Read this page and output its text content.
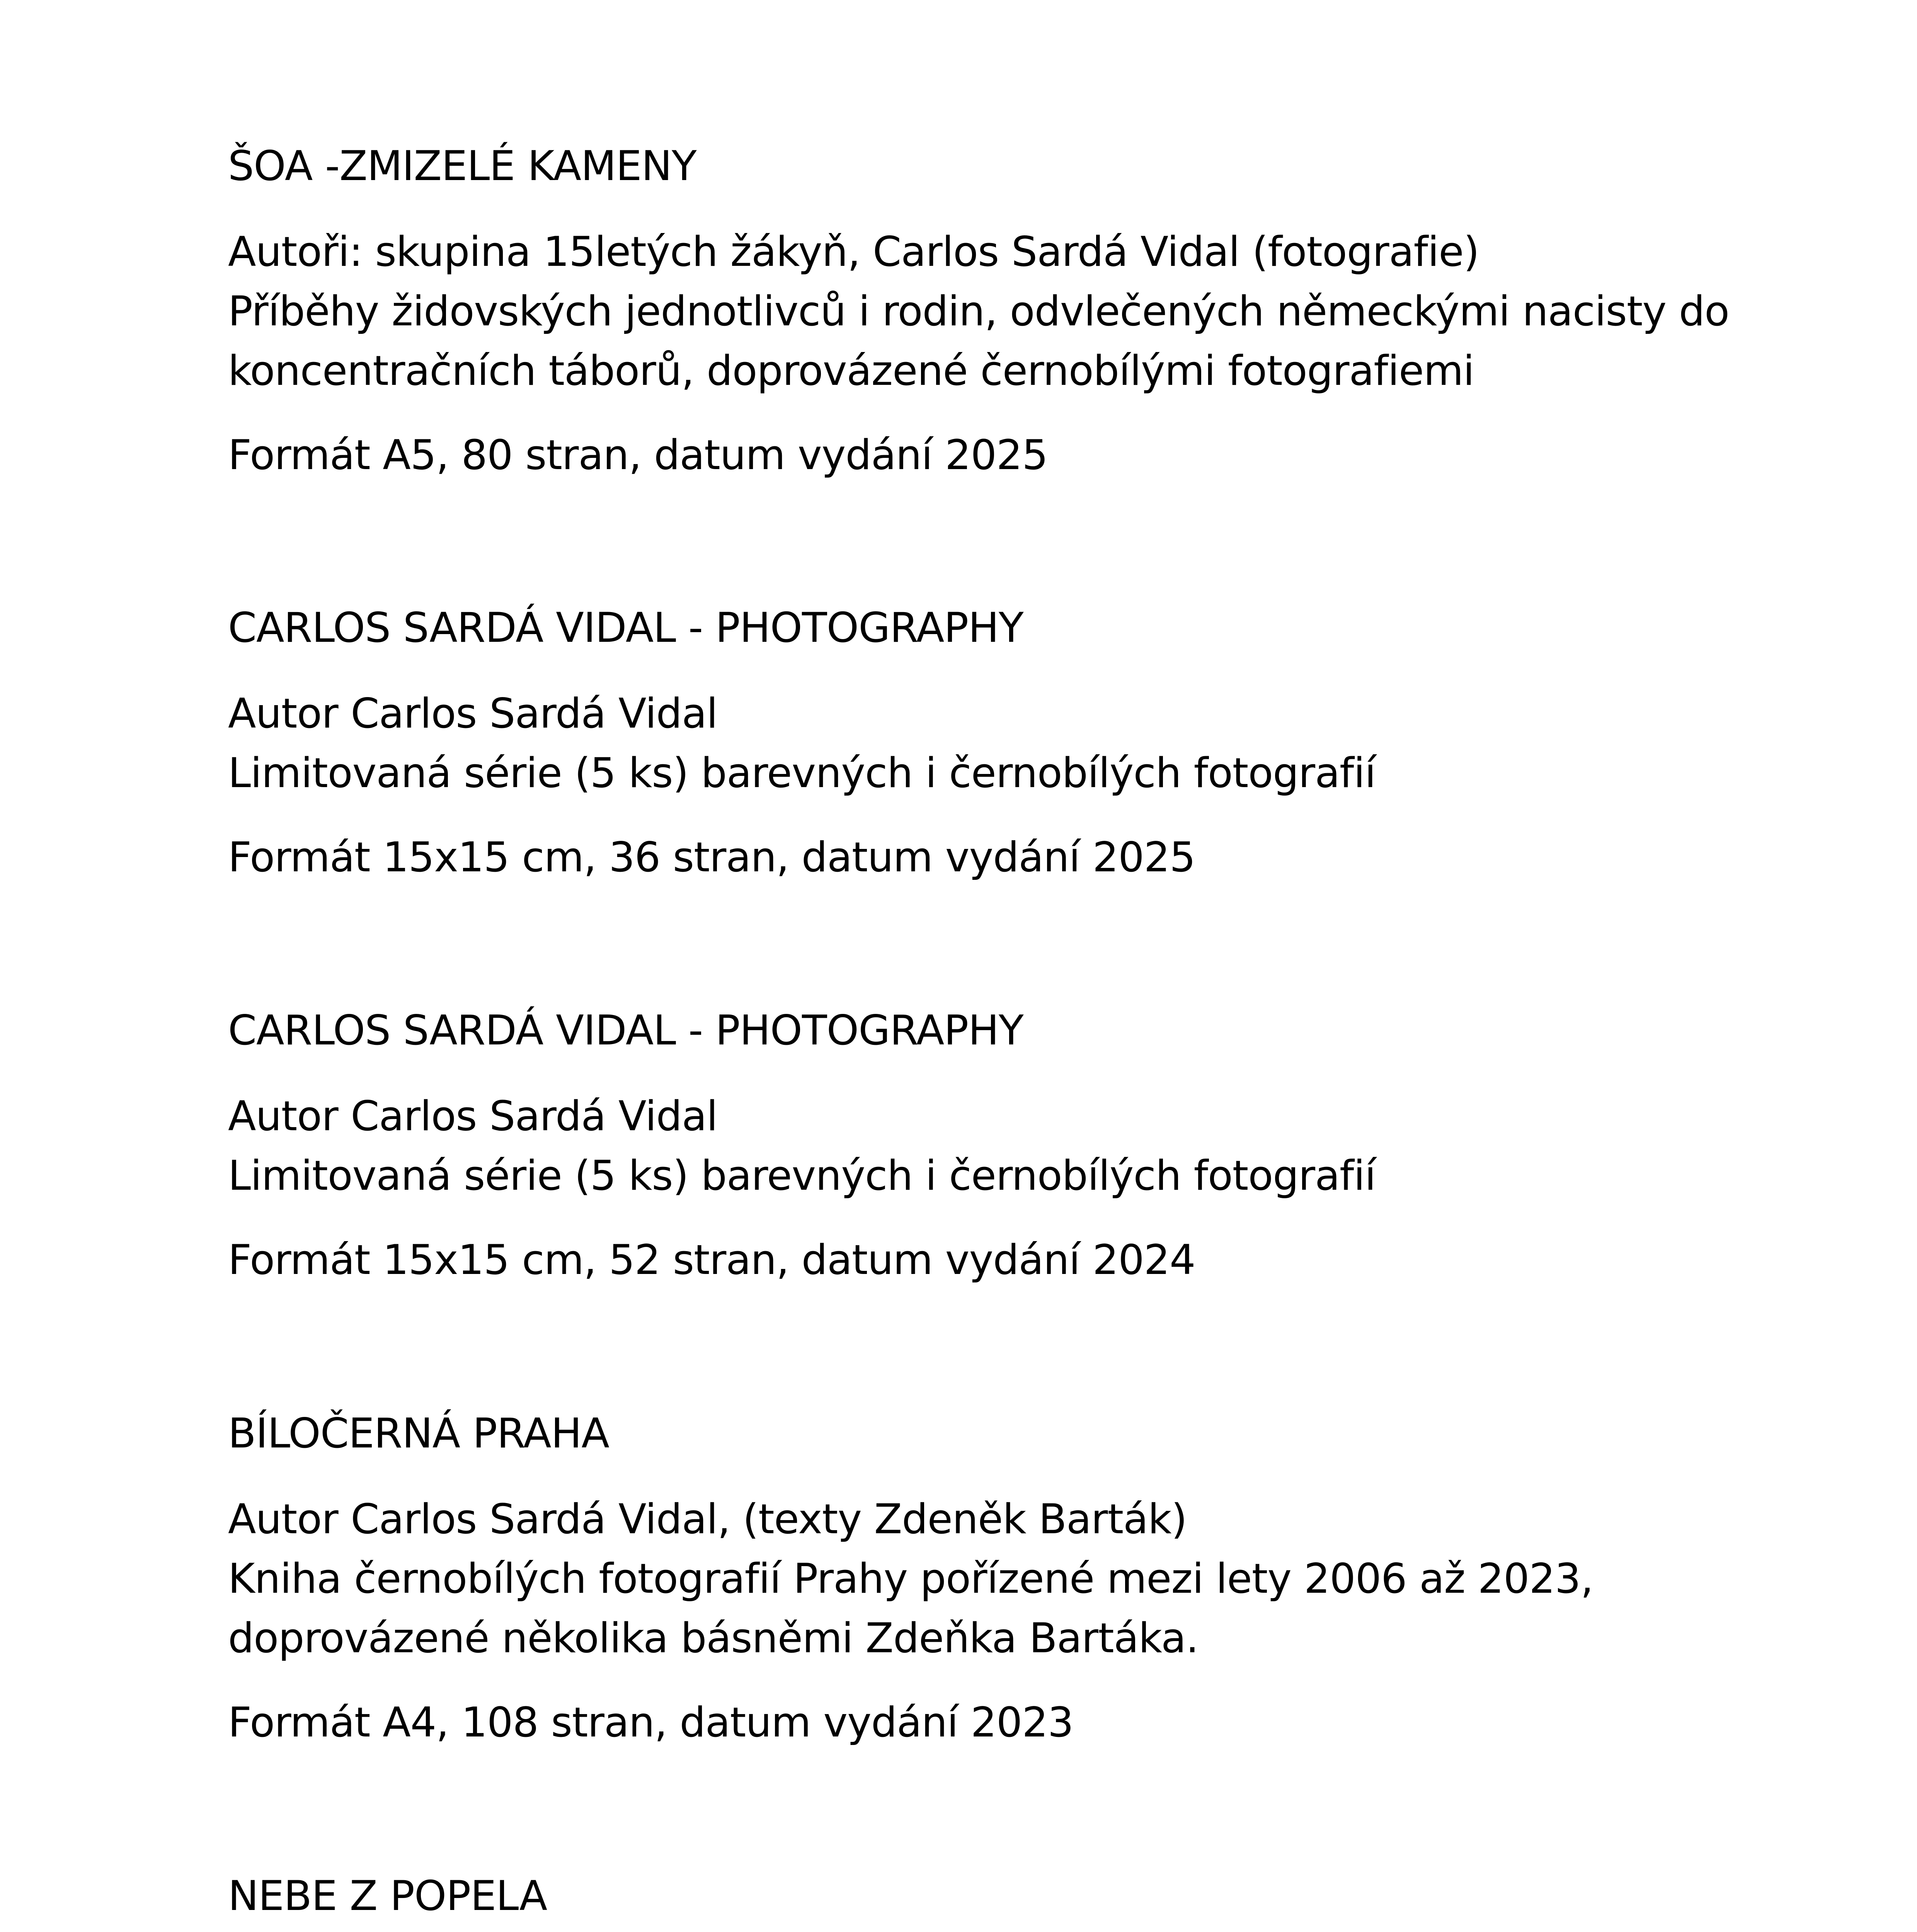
ŠOA -ZMIZELÉ KAMENY
Autoři: skupina 15letých žákyň, Carlos Sardá Vidal (fotografie)
Příběhy židovských jednotlivců i rodin, odvlečených německými nacisty do
koncentračních táborů, doprovázené černobílými fotografiemi
Formát A5, 80 stran, datum vydání 2025
CARLOS SARDÁ VIDAL - PHOTOGRAPHY
Autor Carlos Sardá Vidal
Limitovaná série (5 ks) barevných i černobílých fotografií
Formát 15x15 cm, 36 stran, datum vydání 2025
CARLOS SARDÁ VIDAL - PHOTOGRAPHY
Autor Carlos Sardá Vidal
Limitovaná série (5 ks) barevných i černobílých fotografií
Formát 15x15 cm, 52 stran, datum vydání 2024
BÍLOČERNÁ PRAHA
Autor Carlos Sardá Vidal, (texty Zdeněk Barták)
Kniha černobílých fotografií Prahy pořízené mezi lety 2006 až 2023,
doprovázené několika básněmi Zdeňka Bartáka.
Formát A4, 108 stran, datum vydání 2023
NEBE Z POPELA
